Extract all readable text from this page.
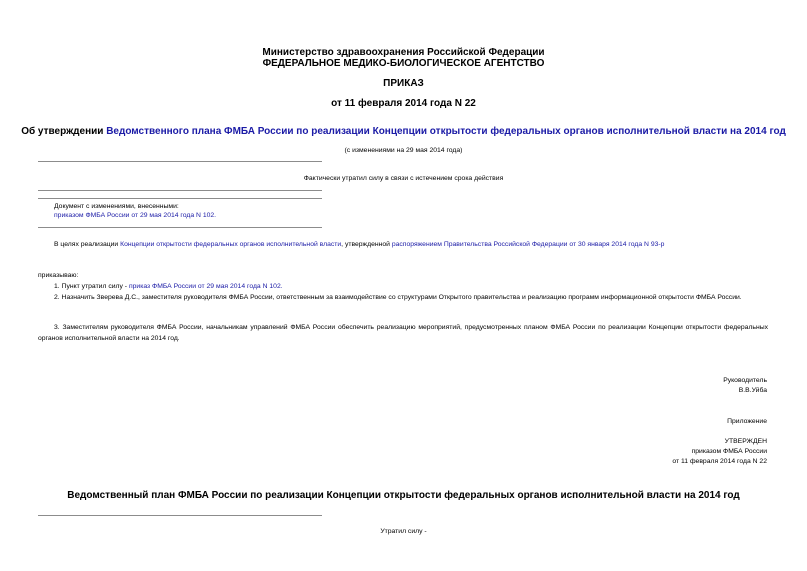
Министерство здравоохранения Российской Федерации
ФЕДЕРАЛЬНОЕ МЕДИКО-БИОЛОГИЧЕСКОЕ АГЕНТСТВО
ПРИКАЗ
от 11 февраля 2014 года N 22
Об утверждении Ведомственного плана ФМБА России по реализации Концепции открытости федеральных органов исполнительной власти на 2014 год
(с изменениями на 29 мая 2014 года)
Фактически утратил силу в связи с истечением срока действия
Документ с изменениями, внесенными:
приказом ФМБА России от 29 мая 2014 года N 102.
В целях реализации Концепции открытости федеральных органов исполнительной власти, утвержденной распоряжением Правительства Российской Федерации от 30 января 2014 года N 93-р
приказываю:
1. Пункт утратил силу - приказ ФМБА России от 29 мая 2014 года N 102.
2. Назначить Зверева Д.С., заместителя руководителя ФМБА России, ответственным за взаимодействие со структурами Открытого правительства и реализацию программ информационной открытости ФМБА России.
3. Заместителям руководителя ФМБА России, начальникам управлений ФМБА России обеспечить реализацию мероприятий, предусмотренных планом ФМБА России по реализации Концепции открытости федеральных органов исполнительной власти на 2014 год.
Руководитель
В.В.Уйба
Приложение
УТВЕРЖДЕН
приказом ФМБА России
от 11 февраля 2014 года N 22
Ведомственный план ФМБА России по реализации Концепции открытости федеральных органов исполнительной власти на 2014 год
Утратил силу -
